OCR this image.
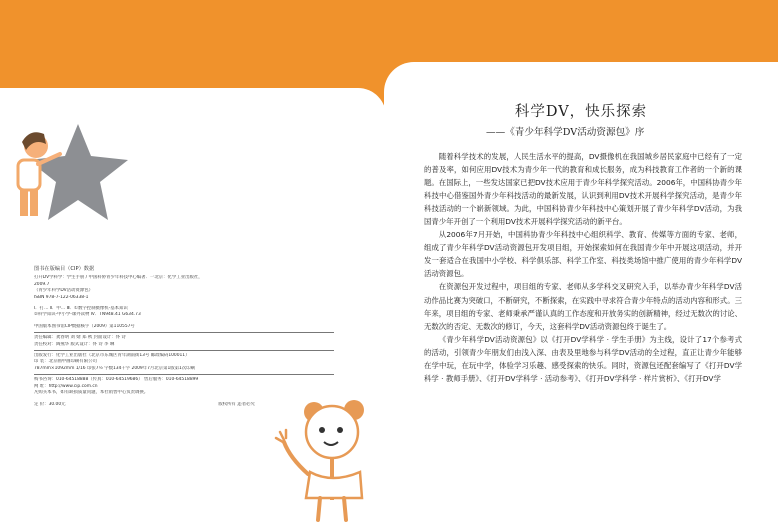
图书在版编目（CIP）数据
打开DV学科学：学生手册 / 中国科协青少年科技中心编著．一北京：化学工业出版社，
2009.7
（青少年科学DV活动资源包）
ISBN 978-7-122-06338-1
Ⅰ．打… Ⅱ．中… Ⅲ．①数字控制摄像机-基本知识
②科学知识-中小学-课外读物 Ⅳ．TN948.41 G634.73
中国版本图书馆CIP数据核字（2009）第110557号
责任编辑：龚春明 刘 婧 郑 秋 封面设计：佟 诗
责任校对：陶燕华 版式设计：佟 诗 李 琳
出版发行：化学工业出版社（北京市东城区青年湖南街13号 邮政编码100011）
印 装：北京画中画印刷有限公司
787mm×1092mm 1/16 印张7½ 字数134千字 2009年7月北京第1版第1次印刷
购书咨询：010-64518888（传真：010-64519686） 售后服务：010-64518899
网 址：http://www.cip.com.cn
凡购买本书，如有缺损质量问题，本社销售中心负责调换。
定 价：30.00元	版权所有 违者必究
科学DV，快乐探索
——《青少年科学DV活动资源包》序

随着科学技术的发展，人民生活水平的提高，DV摄像机在我国城乡居民家庭中已经有了一定的普及率，如何应用DV技术为青少年一代的教育和成长服务，成为科技教育工作者的一个新的课题。在国际上，一些发达国家已把DV技术应用于青少年科学探究活动。2006年，中国科协青少年科技中心借鉴国外青少年科技活动的最新发展，认识到利用DV技术开展科学探究活动，是青少年科技活动的一个崭新领域。为此，中国科协青少年科技中心策划开展了青少年科学DV活动，为我国青少年开创了一个利用DV技术开展科学探究活动的新平台。

从2006年7月开始，中国科协青少年科技中心组织科学、教育、传媒等方面的专家、老师，组成了青少年科学DV活动资源包开发项目组，开始探索如何在我国青少年中开展这项活动，并开发一套适合在我国中小学校、科学俱乐部、科学工作室、科技类场馆中推广使用的青少年科学DV活动资源包。

在资源包开发过程中，项目组的专家、老师从多学科交叉研究入手，以举办青少年科学DV活动作品比赛为突破口，不断研究，不断探索，在实践中寻求符合青少年特点的活动内容和形式。三年来，项目组的专家、老师秉承严谨认真的工作态度和开放务实的创新精神，经过无数次的讨论、无数次的否定、无数次的修订，今天，这套科学DV活动资源包终于诞生了。

《青少年科学DV活动资源包》以《打开DV学科学 · 学生手册》为主线，设计了17个参考式的活动，引领青少年朋友们由浅入深、由表及里地参与科学DV活动的全过程，直正让青少年能够在学中玩，在玩中学，体验学习乐趣、感受探索的快乐。同时，资源包还配套编写了《打开DV学科学 · 教师手册》、《打开DV学科学 · 活动参考》、《打开DV学科学 · 样片赏析》、《打开DV学
